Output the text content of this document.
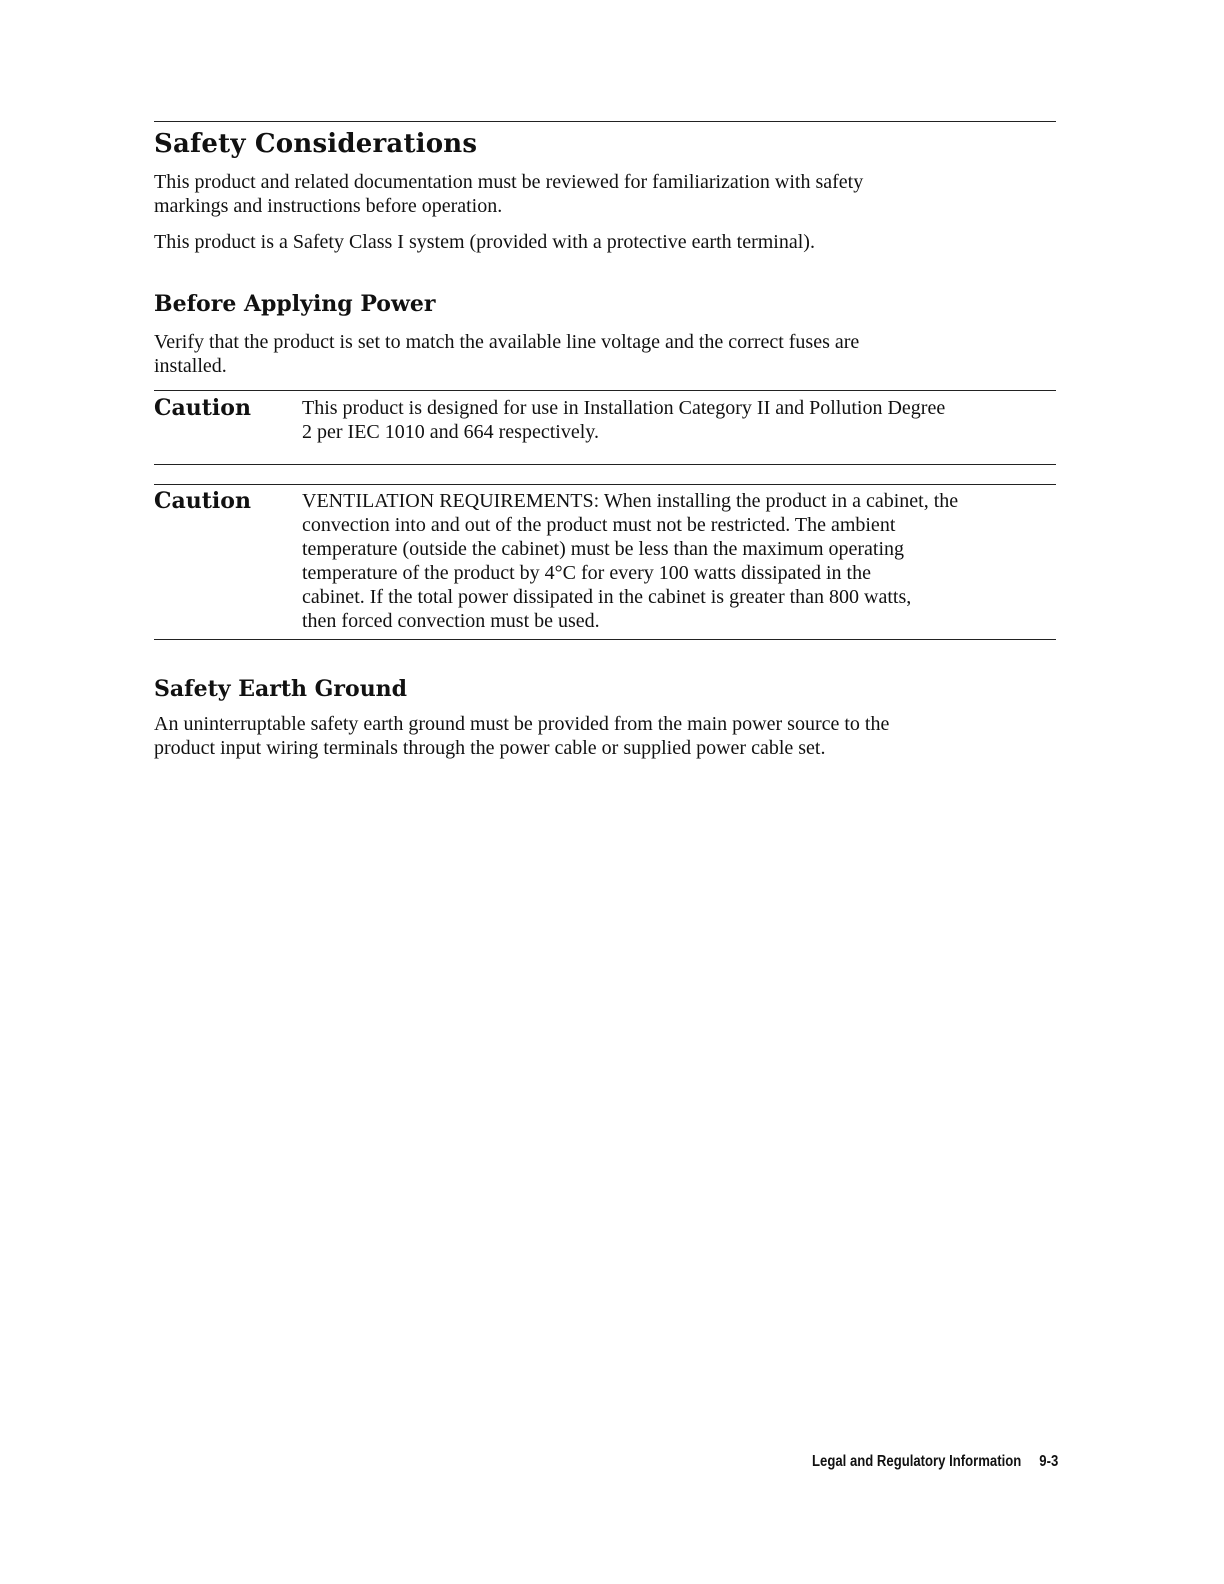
Safety Considerations

This product and related documentation must be reviewed for familiarization with safety
markings and instructions before operation.

This product is a Safety Class I system (provided with a protective earth terminal).

Before Applying Power

Verify that the product is set to match the available line voltage and the correct fuses are
installed.

Caution	This product is designed for use in Installation Category II and Pollution Degree
2 per IEC 1010 and 664 respectively.

Caution	VENTILATION REQUIREMENTS: When installing the product in a cabinet, the
convection into and out of the product must not be restricted. The ambient
temperature (outside the cabinet) must be less than the maximum operating
temperature of the product by 4°C for every 100 watts dissipated in the
cabinet. If the total power dissipated in the cabinet is greater than 800 watts,
then forced convection must be used.

Safety Earth Ground

An uninterruptable safety earth ground must be provided from the main power source to the
product input wiring terminals through the power cable or supplied power cable set.

Legal and Regulatory Information 9-3
